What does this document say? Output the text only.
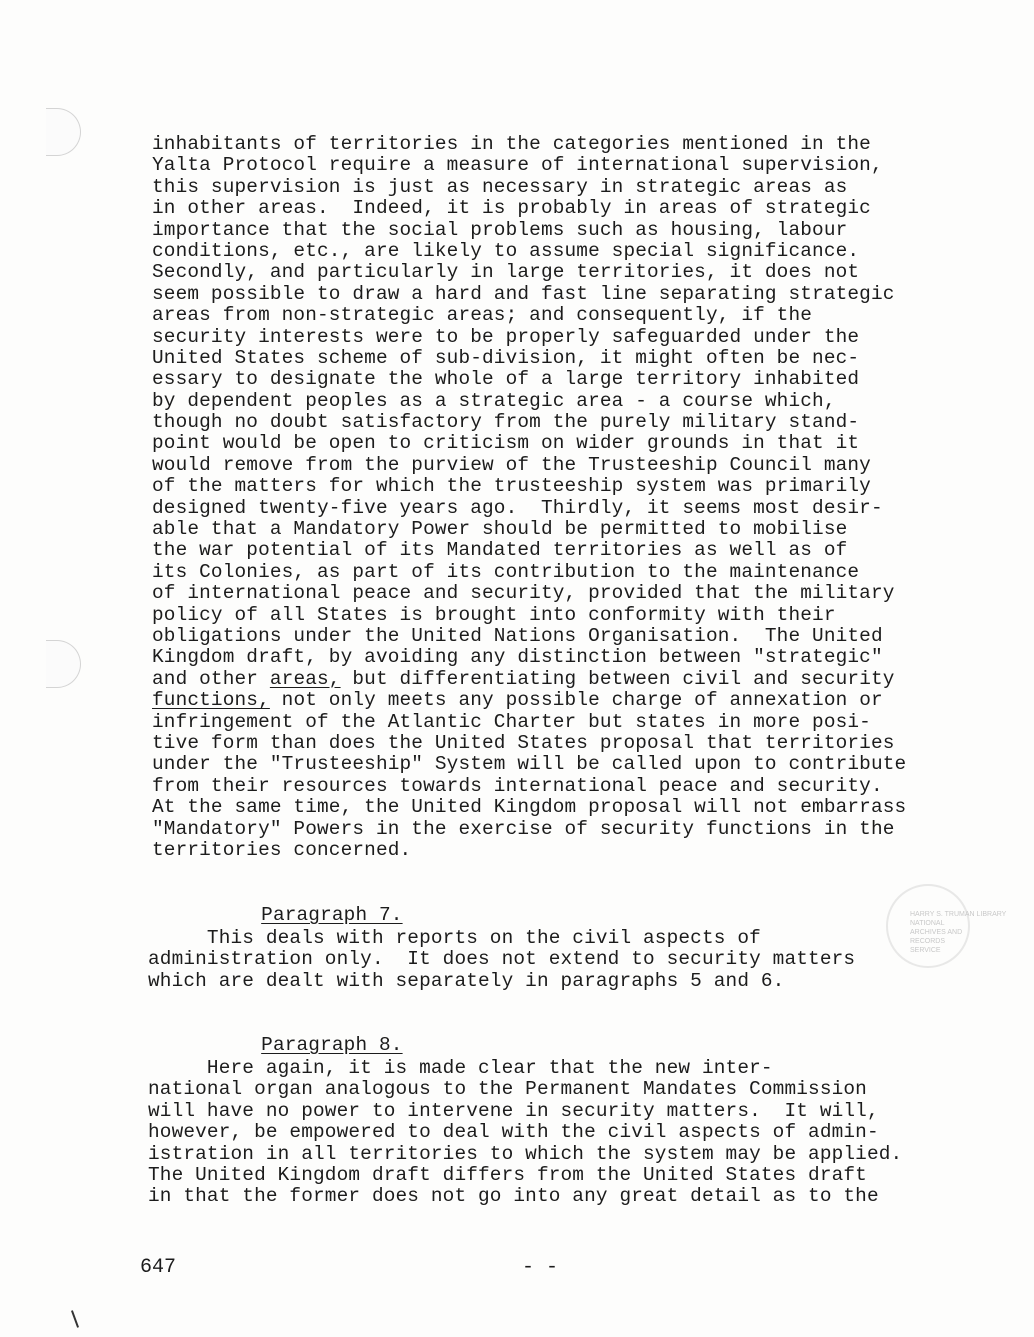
inhabitants of territories in the categories mentioned in the
Yalta Protocol require a measure of international supervision,
this supervision is just as necessary in strategic areas as
in other areas.  Indeed, it is probably in areas of strategic
importance that the social problems such as housing, labour
conditions, etc., are likely to assume special significance.
Secondly, and particularly in large territories, it does not
seem possible to draw a hard and fast line separating strategic
areas from non-strategic areas; and consequently, if the
security interests were to be properly safeguarded under the
United States scheme of sub-division, it might often be nec-
essary to designate the whole of a large territory inhabited
by dependent peoples as a strategic area - a course which,
though no doubt satisfactory from the purely military stand-
point would be open to criticism on wider grounds in that it
would remove from the purview of the Trusteeship Council many
of the matters for which the trusteeship system was primarily
designed twenty-five years ago.  Thirdly, it seems most desir-
able that a Mandatory Power should be permitted to mobilise
the war potential of its Mandated territories as well as of
its Colonies, as part of its contribution to the maintenance
of international peace and security, provided that the military
policy of all States is brought into conformity with their
obligations under the United Nations Organisation.  The United
Kingdom draft, by avoiding any distinction between "strategic"
and other areas, but differentiating between civil and security
functions, not only meets any possible charge of annexation or
infringement of the Atlantic Charter but states in more posi-
tive form than does the United States proposal that territories
under the "Trusteeship" System will be called upon to contribute
from their resources towards international peace and security.
At the same time, the United Kingdom proposal will not embarrass
"Mandatory" Powers in the exercise of security functions in the
territories concerned.

Paragraph 7.

This deals with reports on the civil aspects of
administration only.  It does not extend to security matters
which are dealt with separately in paragraphs 5 and 6.

Paragraph 8.

Here again, it is made clear that the new inter-
national organ analogous to the Permanent Mandates Commission
will have no power to intervene in security matters.  It will,
however, be empowered to deal with the civil aspects of admin-
istration in all territories to which the system may be applied.
The United Kingdom draft differs from the United States draft
in that the former does not go into any great detail as to the
HARRY S. TRUMAN LIBRARY
NATIONAL
ARCHIVES AND
RECORDS
SERVICE
647	- -
